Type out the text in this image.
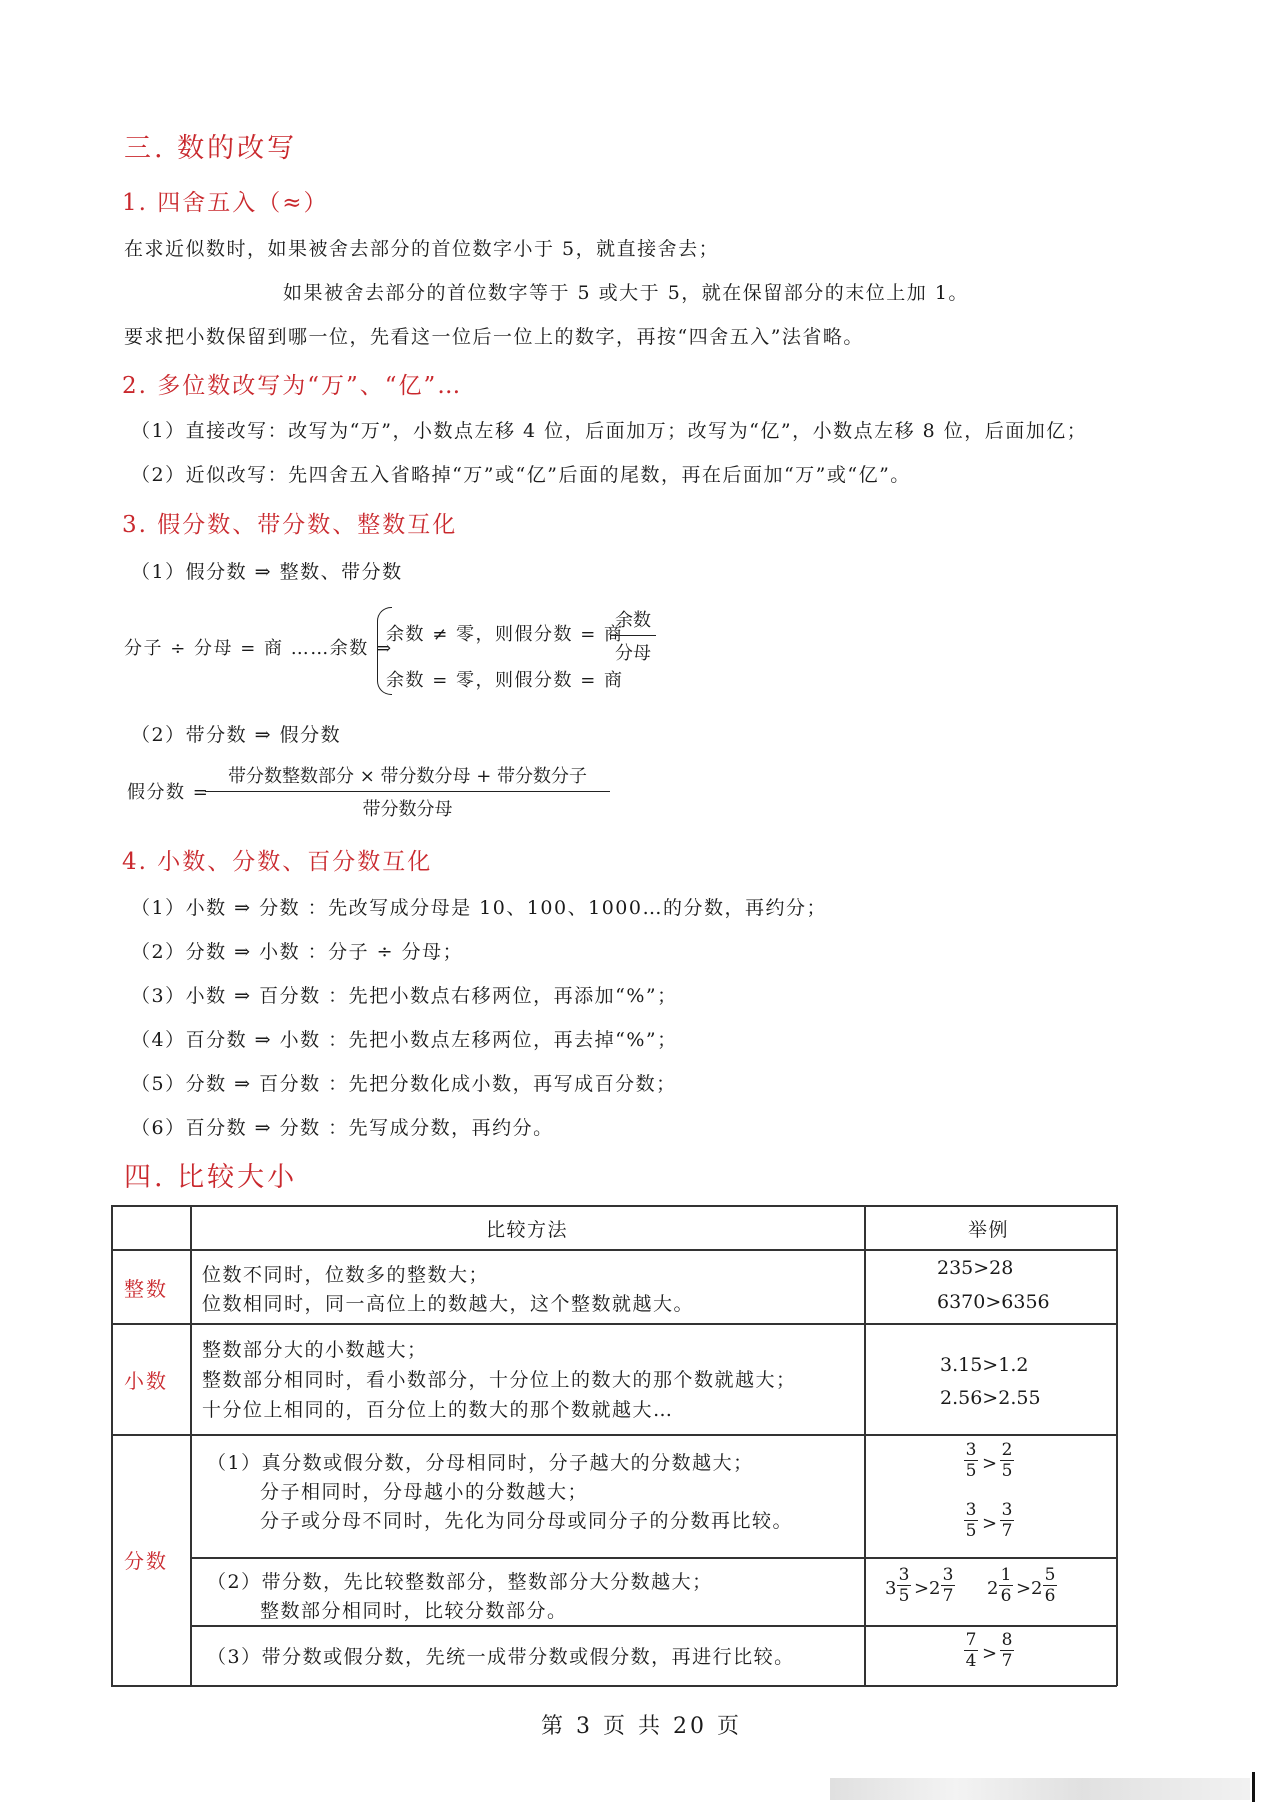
三. 数的改写
1. 四舍五入（≈）
在求近似数时，如果被舍去部分的首位数字小于 5，就直接舍去；
如果被舍去部分的首位数字等于 5 或大于 5，就在保留部分的末位上加 1。
要求把小数保留到哪一位，先看这一位后一位上的数字，再按“四舍五入”法省略。
2. 多位数改写为“万”、“亿”…
（1）直接改写：改写为“万”，小数点左移 4 位，后面加万；改写为“亿”，小数点左移 8 位，后面加亿；
（2）近似改写：先四舍五入省略掉“万”或“亿”后面的尾数，再在后面加“万”或“亿”。
3. 假分数、带分数、整数互化
（1）假分数 ⇒ 整数、带分数
分子 ÷ 分母 = 商 ……余数 ⇒
余数 ≠ 零，则假分数 = 商
余数
分母
余数 = 零，则假分数 = 商
（2）带分数 ⇒ 假分数
假分数 =
带分数整数部分 × 带分数分母 + 带分数分子
带分数分母
4. 小数、分数、百分数互化
（1）小数 ⇒ 分数 ：先改写成分母是 10、100、1000…的分数，再约分；
（2）分数 ⇒ 小数 ：分子 ÷ 分母；
（3）小数 ⇒ 百分数 ：先把小数点右移两位，再添加“%”；
（4）百分数 ⇒ 小数 ：先把小数点左移两位，再去掉“%”；
（5）分数 ⇒ 百分数 ：先把分数化成小数，再写成百分数；
（6）百分数 ⇒ 分数 ：先写成分数，再约分。
四. 比较大小
比较方法	举例
整数
位数不同时，位数多的整数大；
位数相同时，同一高位上的数越大，这个整数就越大。
235>28
6370>6356
小数
整数部分大的小数越大；
整数部分相同时，看小数部分，十分位上的数大的那个数就越大；
十分位上相同的，百分位上的数大的那个数就越大…
3.15>1.2
2.56>2.55
分数
（1）真分数或假分数，分母相同时，分子越大的分数越大；
分子相同时，分母越小的分数越大；
分子或分母不同时，先化为同分母或同分子的分数再比较。
（2）带分数，先比较整数部分，整数部分大分数越大；
整数部分相同时，比较分数部分。
（3）带分数或假分数，先统一成带分数或假分数，再进行比较。
3
5 >
2
5
3
5 >
3
7
3
3
5 > 2
3
7 2
1
6 > 2
5
6
7
4 >
8
7
第 3 页 共 20 页
